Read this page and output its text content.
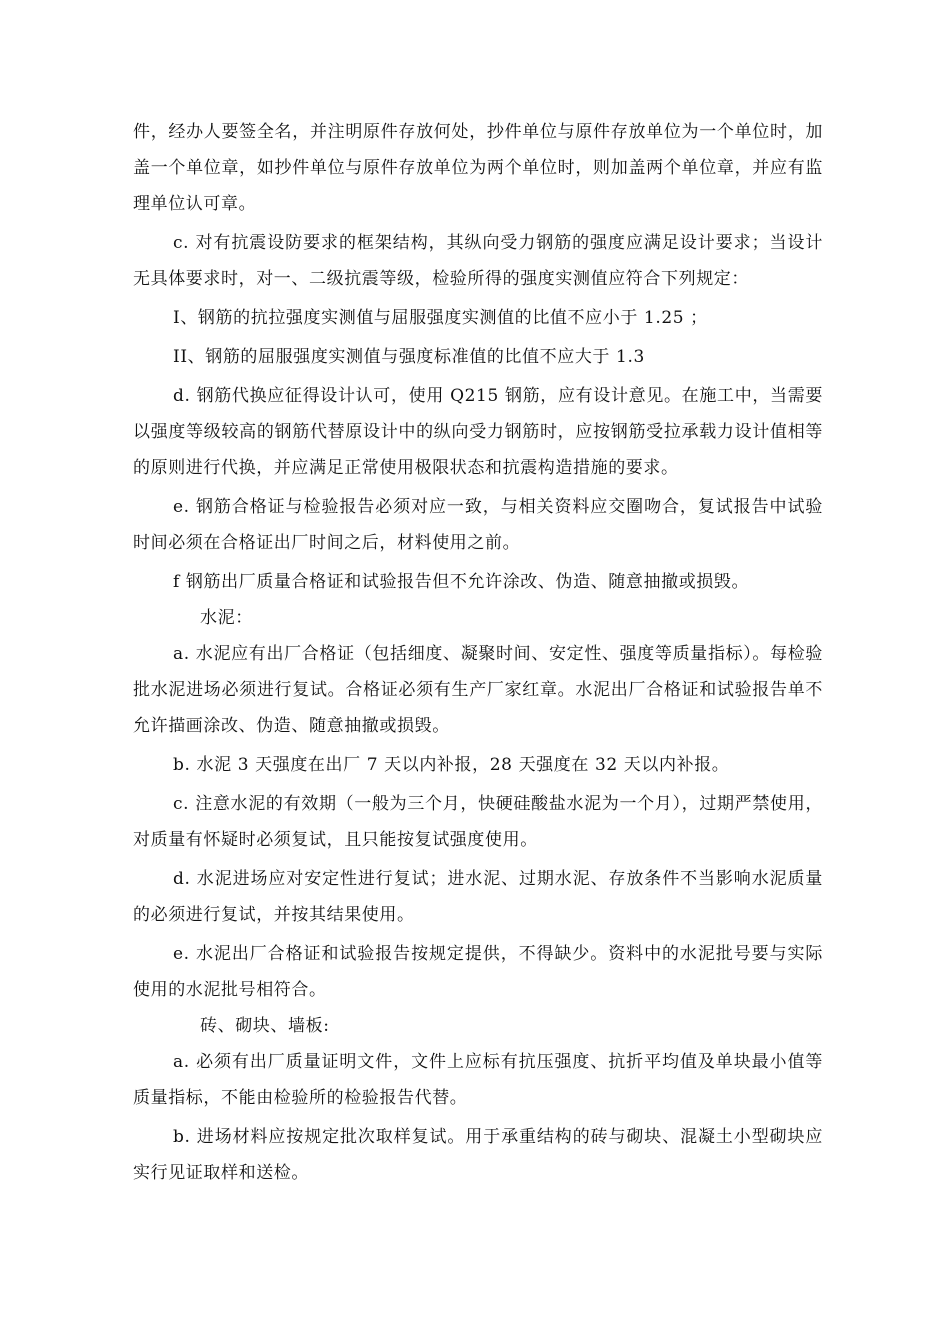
件，经办人要签全名，并注明原件存放何处，抄件单位与原件存放单位为一个单位时，加盖一个单位章，如抄件单位与原件存放单位为两个单位时，则加盖两个单位章，并应有监理单位认可章。

c. 对有抗震设防要求的框架结构，其纵向受力钢筋的强度应满足设计要求；当设计无具体要求时，对一、二级抗震等级，检验所得的强度实测值应符合下列规定：

I、钢筋的抗拉强度实测值与屈服强度实测值的比值不应小于 1.25 ；

II、钢筋的屈服强度实测值与强度标准值的比值不应大于 1.3

d. 钢筋代换应征得设计认可，使用 Q215 钢筋，应有设计意见。在施工中，当需要以强度等级较高的钢筋代替原设计中的纵向受力钢筋时，应按钢筋受拉承载力设计值相等的原则进行代换，并应满足正常使用极限状态和抗震构造措施的要求。

e. 钢筋合格证与检验报告必须对应一致，与相关资料应交圈吻合，复试报告中试验时间必须在合格证出厂时间之后，材料使用之前。

f 钢筋出厂质量合格证和试验报告但不允许涂改、伪造、随意抽撤或损毁。

水泥：

a. 水泥应有出厂合格证（包括细度、凝聚时间、安定性、强度等质量指标）。每检验批水泥进场必须进行复试。合格证必须有生产厂家红章。水泥出厂合格证和试验报告单不允许描画涂改、伪造、随意抽撤或损毁。

b. 水泥 3 天强度在出厂 7 天以内补报，28 天强度在 32 天以内补报。

c. 注意水泥的有效期（一般为三个月，快硬硅酸盐水泥为一个月），过期严禁使用，对质量有怀疑时必须复试，且只能按复试强度使用。

d. 水泥进场应对安定性进行复试；进水泥、过期水泥、存放条件不当影响水泥质量的必须进行复试，并按其结果使用。

e. 水泥出厂合格证和试验报告按规定提供，不得缺少。资料中的水泥批号要与实际使用的水泥批号相符合。

砖、砌块、墙板:

a. 必须有出厂质量证明文件，文件上应标有抗压强度、抗折平均值及单块最小值等质量指标，不能由检验所的检验报告代替。

b. 进场材料应按规定批次取样复试。用于承重结构的砖与砌块、混凝土小型砌块应实行见证取样和送检。
